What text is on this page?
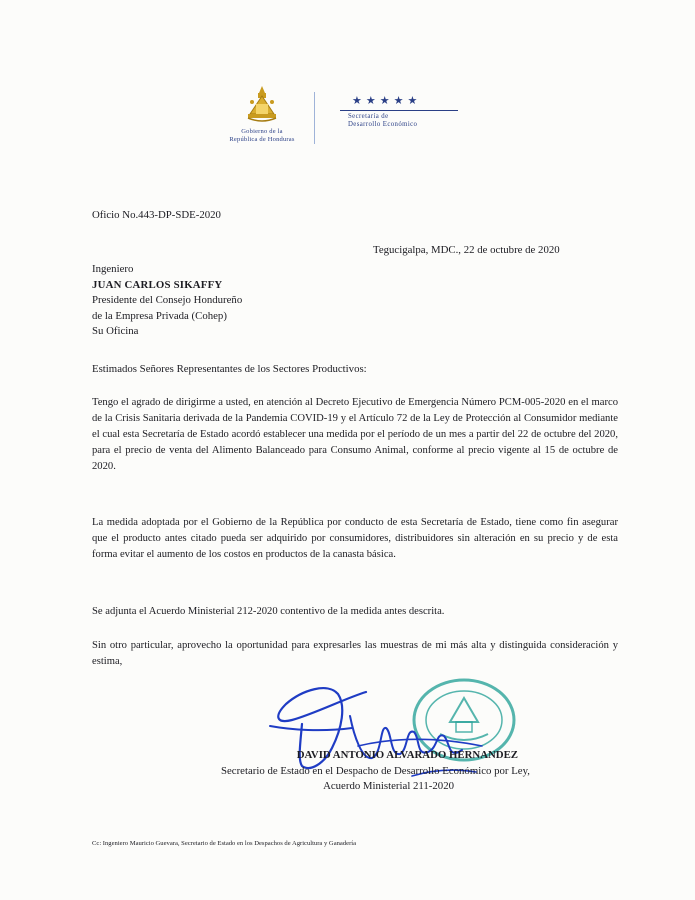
Gobierno de la
República de Honduras
★★★★★
Secretaría de
Desarrollo Económico
Oficio No.443-DP-SDE-2020
Tegucigalpa, MDC., 22 de octubre de 2020
Ingeniero
JUAN CARLOS SIKAFFY
Presidente del Consejo Hondureño
de la Empresa Privada (Cohep)
Su Oficina
Estimados Señores Representantes de los Sectores Productivos:
Tengo el agrado de dirigirme a usted, en atención al Decreto Ejecutivo de Emergencia Número PCM-005-2020 en el marco de la Crisis Sanitaria derivada de la Pandemia COVID-19 y el Artículo 72 de la Ley de Protección al Consumidor mediante el cual esta Secretaría de Estado acordó establecer una medida por el período de un mes a partir del 22 de octubre del 2020, para el precio de venta del Alimento Balanceado para Consumo Animal, conforme al precio vigente al 15 de octubre de 2020.
La medida adoptada por el Gobierno de la República por conducto de esta Secretaría de Estado, tiene como fin asegurar que el producto antes citado pueda ser adquirido por consumidores, distribuidores sin alteración en su precio y de esta forma evitar el aumento de los costos en productos de la canasta básica.
Se adjunta el Acuerdo Ministerial 212-2020 contentivo de la medida antes descrita.
Sin otro particular, aprovecho la oportunidad para expresarles las muestras de mi más alta y distinguida consideración y estima,
DAVID ANTONIO ALVARADO HERNANDEZ
Secretario de Estado en el Despacho de Desarrollo Económico por Ley,
Acuerdo Ministerial 211-2020
Cc: Ingeniero Mauricio Guevara, Secretario de Estado en los Despachos de Agricultura y Ganadería
